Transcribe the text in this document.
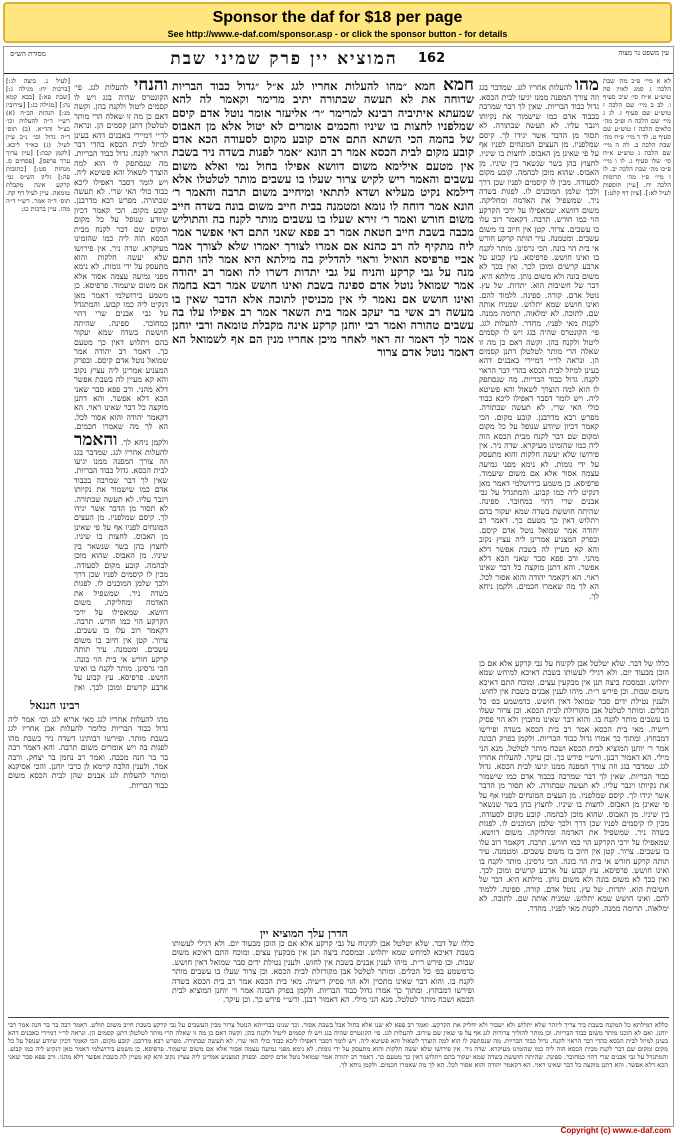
Sponsor the daf for $18 per page
See http://www.e-daf.com/sponsor.asp - or click the sponsor button - for details
מסורת הש״ס	המוציא יין פרק שמיני שבת	162	עין משפט נר מצוה
לא א מיי׳ פ״כ מה׳ שבת הלכה ג סמג לאוין סה טוש״ע א״ח סי׳ שיב סעיף ו. לב ב מיי׳ שם הלכה ז טוש״ע שם סעיף ז. לג ג מיי׳ שם הלכה ח ופ״ב מה׳ כלאים הלכה ז טוש״ע שם סעיף ט. לד ד מיי׳ פ״ח מה׳ שבת הלכה ב. לה ה מיי׳ שם הלכה ג טוש״ע א״ח סי׳ שלו סעיף ג. לו ו מיי׳ פ״כו מה׳ שבת הלכה יב. לז ז מיי׳ פ״ו מה׳ תרומות הלכה יח. [עיין תוספות לעיל לא:]. [ציון דף קלט:]
מהו להעלות אחריו לגג. שמדבר בגג וזה צורך המפנה ממנו יגיעו לבית הכסא. גדול כבוד הבריות. שאין לך דבר שמרבה בכבוד אדם כמו שישמור את נקיותו ויגבר עליו. לא תעשה שבתורה. לא תסור מן הדבר אשר יגידו לך. קיסם שמלפניו. מן העצים המונחים לפניו אף על פי שאינן מן האבוס. לחצות בו שיניו. לחצוץ בהן בשר שנשאר בין שיניו. מן האבוס. שהוא מוכן לבהמה. קובע מקום לסעודה. מכין לו קיסמים לפניו שכן דרך ולכך שלמן המוכנים לו. לפגות בשדה ניר. שמשפיל את האדמה ומחליקה. משום דוושא. שמאפילו על ירכי הקרקע הוי כמו חורש. תרבה. דקאמר רוב עלו בו עשבים. צרור. קטן אין חיוב בו משום עשבים. ומטמנה. עיר תותה קרקע חורש אי בית הוי בונה. הכי גרסינן. מותר לקנח בו ואינו חושש. פרפיסא. עץ קבוע על ארבע קרשים ומוכן לכך. ואין בכך לא משום בונה ולא משום נותן. מילתא היא. דבר של חשיבות הוא. יתדות. של עץ. נוטל אדם. קורה. ספינה. ללמוד להם. ואינו חושש שמא יתלוש. שמניח אותה שם. לתוכה. לא ימלאוה. תרומה ממנה. לקנות מאי לפניו. מחדר. להעלות לגג. פי׳ הקונטרס שהיה בגג ויש לו קסמים ליטול ולקנח בהן. וקשה דאם כן מה זו שאלה הרי מותר לטלטלן דתנן קסמים הן. ונראה לר״י דמיירי באבנים דהא בעינן למיזל לבית הכסא בהדי דבר הראוי לקנח. גדול כבוד הבריות. מה שנסתפק לו הוא למה הוצרך לשאול והא פשיטא ליה. ויש לומר דסבר דאפילו ליכא כבוד כולי האי שרי. לא תעשה שבתורה. מפרש רבא מדרבנן. קובע מקום. הכי קאמר דכיון שיודע שנופל על כל מקום ומקום שם דבר לקנח מבית הכסא הוה ליה כמו שהזמינו מעיקרא. שדה ניר. אין פירושו שלא יעשה חלקות והוא מתעסק על ידי גומות. לא נימא מפני גמיעה עצמה אסור אלא אם משום שיעמוד. פרפיסא. כן משמע בירושלמי דאמר מאן דנקיט ליה כמו קבוע. והמתגדל על גבי אבנים שרי דהוי כמחובר. ספינה. שהיתה חוששת בשדה שמא יעקור בהם ויתלוש דאין כך מטעם כך. דאמר רב יהודה אמר שמואל נוטל אדם קיסם. ובפרק המצניע אמרינן ליה עציץ נקוב והא קא מעיין לה בשבת אפשר דלא מהני. ורב פפא סבר שאני הכא דלא אפשר. והא דתנן מוקצה כל דבר שאינו ראוי. הא דקאמר יהודה והוא אסור לכל. הא לך מה שאמרו חכמים. ולקמן ניחא לך.
חמא חמא ״מהו להעלות אחריו לגג א״ל ״גדול כבוד הבריות שדוחה את לא תעשה שבתורה יתיב מרימר וקאמר לה להא שמעתא איתיביה רבינא למרימר ״ר׳ אליעזר אומר נוטל אדם קיסם שמלפניו לחצות בו שיניו וחכמים אומרים לא יטול אלא מן האבוס של בהמה הכי השתא התם אדם קובע מקום לסעודה הכא אדם קובע מקום לבית הכסא אמר רב הונא ״אמר לפגות בשדה ניר בשבת אין מטעם אילימא משום דוושא אפילו בחול נמי ואלא משום עשבים והאמר ריש לקיש צרור שעלו בו עשבים מותר לטלטלו אלא דילמא נקיט מעליא ושדא לתתאי ומיחייב משום תרבה והאמר ר׳ הונא אמר דוחה לו גומא ומטמנה בבית חייב משום בונה בשדה חייב משום חורש ואמר ר׳ זירא שעלו בו עשבים מותר לקנח בה והתוליש מכבה בשבת חייב חטאת אמר רב פפא שאני התם דאי אפשר אמר ליה מתקיף לה רב כהנא אם אמרו לצורך יאמרו שלא לצורך אמר אביי פרפיסא הואיל וראוי להדליק בה מילתא היא אמר להו התם מנה על גבי קרקע והניח על גבי יתדות דשרו לה ואמר רב יהודה אמר שמואל נוטל אדם ספינה בשבת ואינו חושש אמר רבא בחמה ואינו חושש אם נאמר לי אין מכניסין לתוכה אלא הדבר שאין בו מעשה רב אשי בר יעקב אמר בית השאר אמר רב אפילו עלו בה עשבים טהורה ואמר רבי יוחנן קרקע אינה מקבלת טומאה ורבי יוחנן אמר לך דאמר זה ראוי לאחר מיכן אחריו מנין הם אף לשמואל הא דאמר נוטל אדם צרור
והנחי להעלות לגג. פי׳ הקונטרס שהיה בגג ויש לו קסמים ליטול ולקנח בהן. וקשה דאם כן מה זו שאלה הרי מותר לטלטלן דתנן קסמים הן. ונראה לר״י דמיירי באבנים דהא בעינן למיזל לבית הכסא בהדי דבר הראוי לקנח. גדול כבוד הבריות. מה שנסתפק לו הוא למה הוצרך לשאול והא פשיטא ליה. ויש לומר דסבר דאפילו ליכא כבוד כולי האי שרי. לא תעשה שבתורה. מפרש רבא מדרבנן. קובע מקום. הכי קאמר דכיון שיודע שנופל על כל מקום ומקום שם דבר לקנח מבית הכסא הוה ליה כמו שהזמינו מעיקרא. שדה ניר. אין פירושו שלא יעשה חלקות והוא מתעסק על ידי גומות. לא נימא מפני גמיעה עצמה אסור אלא אם משום שיעמוד. פרפיסא. כן משמע בירושלמי דאמר מאן דנקיט ליה כמו קבוע. והמתגדל על גבי אבנים שרי דהוי כמחובר. ספינה. שהיתה חוששת בשדה שמא יעקור בהם ויתלוש דאין כך מטעם כך. דאמר רב יהודה אמר שמואל נוטל אדם קיסם. ובפרק המצניע אמרינן ליה עציץ נקוב והא קא מעיין לה בשבת אפשר דלא מהני. ורב פפא סבר שאני הכא דלא אפשר. והא דתנן מוקצה כל דבר שאינו ראוי. הא דקאמר יהודה והוא אסור לכל. הא לך מה שאמרו חכמים. ולקמן ניחא לך. והאמר להעלות אחריו לגג. שמדבר בגג וזה צורך המפנה ממנו יגיעו לבית הכסא. גדול כבוד הבריות. שאין לך דבר שמרבה בכבוד אדם כמו שישמור את נקיותו ויגבר עליו. לא תעשה שבתורה. לא תסור מן הדבר אשר יגידו לך. קיסם שמלפניו. מן העצים המונחים לפניו אף על פי שאינן מן האבוס. לחצות בו שיניו. לחצוץ בהן בשר שנשאר בין שיניו. מן האבוס. שהוא מוכן לבהמה. קובע מקום לסעודה. מכין לו קיסמים לפניו שכן דרך ולכך שלמן המוכנים לו. לפגות בשדה ניר. שמשפיל את האדמה ומחליקה. משום דוושא. שמאפילו על ירכי הקרקע הוי כמו חורש. תרבה. דקאמר רוב עלו בו עשבים. צרור. קטן אין חיוב בו משום עשבים. ומטמנה. עיר תותה קרקע חורש אי בית הוי בונה. הכי גרסינן. מותר לקנח בו ואינו חושש. פרפיסא. עץ קבוע על ארבע קרשים ומוכן לכך. ואין
[לעיל נ. ביצה לג:] [ברכות יח: מגילה ג:] [שבת פא:] [בבא קמא נה:] [מגילה כג:] [עירובין מג:] הגהות הב״ח (א) רש״י ד״ה להעלות וכו׳ כצ״ל והד״א. (ב) תוס׳ ד״ה גדול וכו׳ נ״ב עיין לעיל. (ג) בא״ד ליכא. [לקמן קכה:] [עיין ערוך ערך פרפס]. [פסחים ס. מנחות סט:] [כתובות פה:] גליון הש״ס גמ׳ קרקע אינה מקבלת טומאה. עיין לעיל דף קח. תוס׳ ד״ה אמר. רש״י ד״ה מהו. עיין ברכות כג:
רבינו חננאל
מהו להעלות אחריו לגג מאי אריא לגג וכו׳ אמר ליה גדול כבוד הבריות כלומר להעלות אבן אחריו לגג בשבת מותר. ופירשו רבותינו דשדה ניר בשבת מהו לפגות בה ויש אומרים משום תרבה. והא דאמר רבה בר בר חנה מכבה. ואמר רב נחמן בר יצחק. ורבה אמר. ולענין הלכה קיימא לן כרבי יוחנן. והכי אסיקנא ומותר להעלות לגג אבנים שהן לבית הכסא משום כבוד הבריות.
כללו של דבר. שלא יטלטל אבן לקינוח על גבי קרקע אלא אם כן הוכן מבעוד יום. ולא רגילי לעשותו בשבת דאיכא למיחש שמא יתלוש. ובמסכת ביצה תנן אין מבקעין עצים. ומוכח התם דאיכא משום שבות. וכן פירש ר״ת. מיהו לענין אבנים בשבת אין לחוש. ולענין נטילת ידים סבר שמואל דאין חושש. כדמשמע בפ׳ כל הכלים. ומותר לטלטל אבן מקורזלת לבית הכסא. וכן צרור שעלו בו עשבים מותר לקנח בו. והוא דבר שאינו מתכוין ולא הוי פסיק רישיה. מאי בית הכסא אמר רב בית הכסא בשדה ופירשו דמבחוץ. ומתוך כך אמרו גדול כבוד הבריות. ולקמן בפרק הבונה אמר ר׳ יוחנן המוציא לבית הכסא ושכח מותר לטלטל. מנא הני מילי. הא דאמור רבנן. ורש״י פירש כך. וכן עיקר. להעלות אחריו לגג. שמדבר בגג וזה צורך המפנה ממנו יגיעו לבית הכסא. גדול כבוד הבריות. שאין לך דבר שמרבה בכבוד אדם כמו שישמור את נקיותו ויגבר עליו. לא תעשה שבתורה. לא תסור מן הדבר אשר יגידו לך. קיסם שמלפניו. מן העצים המונחים לפניו אף על פי שאינן מן האבוס. לחצות בו שיניו. לחצוץ בהן בשר שנשאר בין שיניו. מן האבוס. שהוא מוכן לבהמה. קובע מקום לסעודה. מכין לו קיסמים לפניו שכן דרך ולכך שלמן המוכנים לו. לפגות בשדה ניר. שמשפיל את האדמה ומחליקה. משום דוושא. שמאפילו על ירכי הקרקע הוי כמו חורש. תרבה. דקאמר רוב עלו בו עשבים. צרור. קטן אין חיוב בו משום עשבים. ומטמנה. עיר תותה קרקע חורש אי בית הוי בונה. הכי גרסינן. מותר לקנח בו ואינו חושש. פרפיסא. עץ קבוע על ארבע קרשים ומוכן לכך. ואין בכך לא משום בונה ולא משום נותן. מילתא היא. דבר של חשיבות הוא. יתדות. של עץ. נוטל אדם. קורה. ספינה. ללמוד להם. ואינו חושש שמא יתלוש. שמניח אותה שם. לתוכה. לא ימלאוה. תרומה ממנה. לקנות מאי לפניו. מחדר.
כללו של דבר. שלא יטלטל אבן לקינוח על גבי קרקע אלא אם כן הוכן מבעוד יום. ולא רגילי לעשותו בשבת דאיכא למיחש שמא יתלוש. ובמסכת ביצה תנן אין מבקעין עצים. ומוכח התם דאיכא משום שבות. וכן פירש ר״ת. מיהו לענין אבנים בשבת אין לחוש. ולענין נטילת ידים סבר שמואל דאין חושש. כדמשמע בפ׳ כל הכלים. ומותר לטלטל אבן מקורזלת לבית הכסא. וכן צרור שעלו בו עשבים מותר לקנח בו. והוא דבר שאינו מתכוין ולא הוי פסיק רישיה. מאי בית הכסא אמר רב בית הכסא בשדה ופירשו דמבחוץ. ומתוך כך אמרו גדול כבוד הבריות. ולקמן בפרק הבונה אמר ר׳ יוחנן המוציא לבית הכסא ושכח מותר לטלטל. מנא הני מילי. הא דאמור רבנן. ורש״י פירש כך. וכן עיקר.
הדרן עלך המוציא יין
כללא דמילתא כל המקנח בשבת ביד צריך ליזהר שלא יתלוש ולא ישבור ולא יחליק את הקרקע. ואמר רב פפא לא שנו אלא בחול אבל בשבת אסור. וכך שנינו בברייתא הנוטל צרור מבין העשבים על גבי קרקע בשבת חייב משום תולש. דאמר רבה בר בר חנה אמר רבי יוחנן. ואם לא הוכנו מותר משום כבוד הבריות. וכן מותר להוליך צרורות לגג אף על פי שאין שם עירוב. להעלות לגג. פי׳ הקונטרס שהיה בגג ויש לו קסמים ליטול ולקנח בהן. וקשה דאם כן מה זו שאלה הרי מותר לטלטלן דתנן קסמים הן. ונראה לר״י דמיירי באבנים דהא בעינן למיזל לבית הכסא בהדי דבר הראוי לקנח. גדול כבוד הבריות. מה שנסתפק לו הוא למה הוצרך לשאול והא פשיטא ליה. ויש לומר דסבר דאפילו ליכא כבוד כולי האי שרי. לא תעשה שבתורה. מפרש רבא מדרבנן. קובע מקום. הכי קאמר דכיון שיודע שנופל על כל מקום ומקום שם דבר לקנח מבית הכסא הוה ליה כמו שהזמינו מעיקרא. שדה ניר. אין פירושו שלא יעשה חלקות והוא מתעסק על ידי גומות. לא נימא מפני גמיעה עצמה אסור אלא אם משום שיעמוד. פרפיסא. כן משמע בירושלמי דאמר מאן דנקיט ליה כמו קבוע. והמתגדל על גבי אבנים שרי דהוי כמחובר. ספינה. שהיתה חוששת בשדה שמא יעקור בהם ויתלוש דאין כך מטעם כך. דאמר רב יהודה אמר שמואל נוטל אדם קיסם. ובפרק המצניע אמרינן ליה עציץ נקוב והא קא מעיין לה בשבת אפשר דלא מהני. ורב פפא סבר שאני הכא דלא אפשר. והא דתנן מוקצה כל דבר שאינו ראוי. הא דקאמר יהודה והוא אסור לכל. הא לך מה שאמרו חכמים. ולקמן ניחא לך.
Copyright (c) www.e-daf.com
